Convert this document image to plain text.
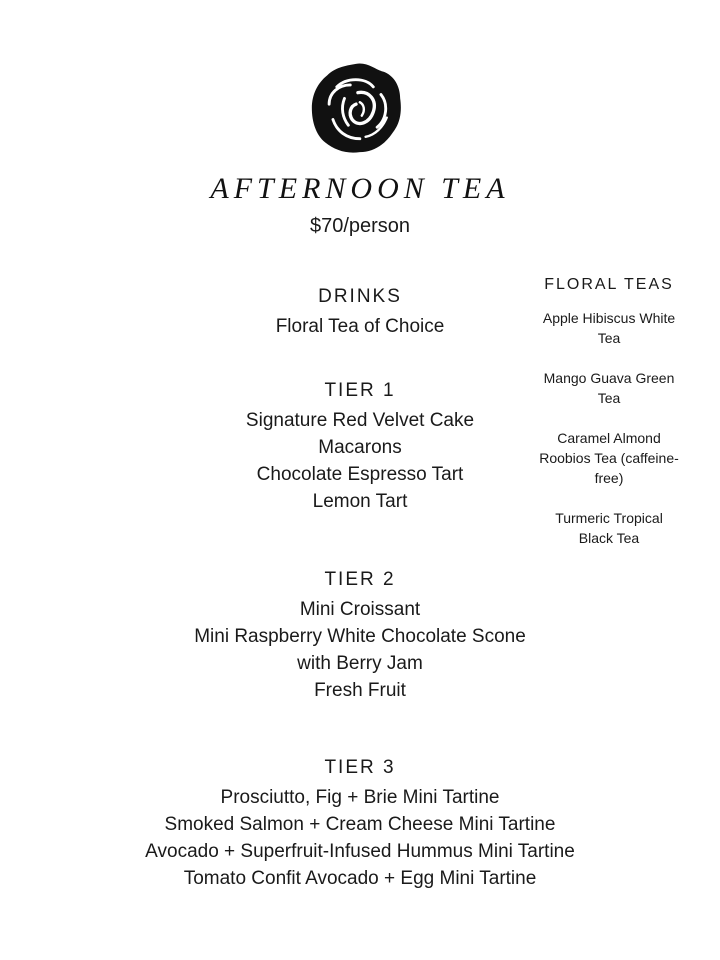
AFTERNOON TEA
$70/person
DRINKS
Floral Tea of Choice
TIER 1
Signature Red Velvet Cake
Macarons
Chocolate Espresso Tart
Lemon Tart
TIER 2
Mini Croissant
Mini Raspberry White Chocolate Scone
with Berry Jam
Fresh Fruit
TIER 3
Prosciutto, Fig + Brie Mini Tartine
Smoked Salmon + Cream Cheese Mini Tartine
Avocado + Superfruit-Infused Hummus Mini Tartine
Tomato Confit Avocado + Egg Mini Tartine
FLORAL TEAS
Apple Hibiscus White
Tea
Mango Guava Green
Tea
Caramel Almond
Roobios Tea (caffeine-
free)
Turmeric Tropical
Black Tea
